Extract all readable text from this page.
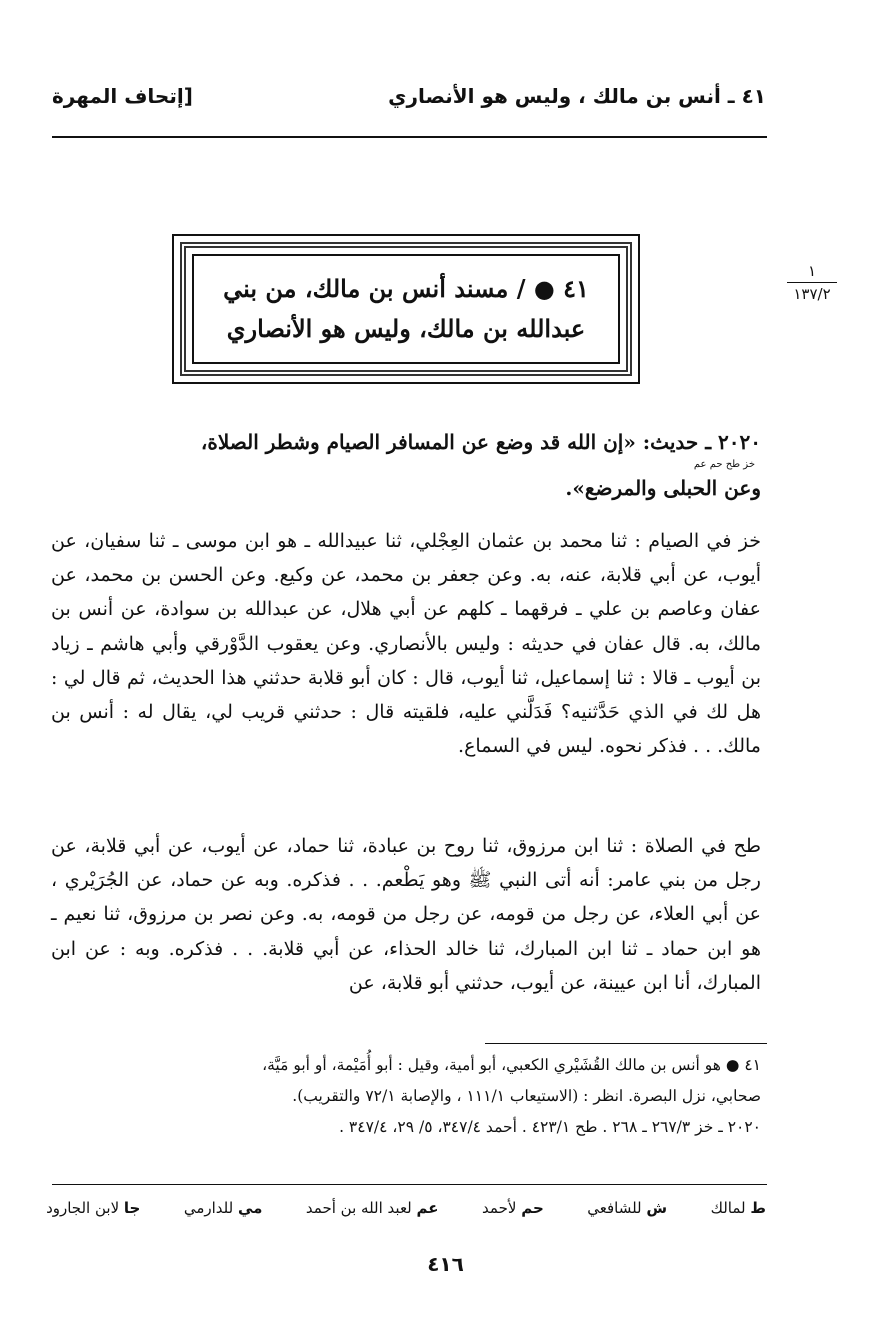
٤١ ـ أنس بن مالك ، وليس هو الأنصاري
[إتحاف المهرة
٤١ ● / مسند أنس بن مالك، من بني
عبدالله بن مالك، وليس هو الأنصاري
١
١٣٧/٢
٢٠٢٠ ـ حديث: «إن الله قد وضع عن المسافر الصيام وشطر الصلاة،
خز طح حم عم
وعن الحبلى والمرضع».

خز في الصيام : ثنا محمد بن عثمان العِجْلي، ثنا عبيدالله ـ هو ابن موسى ـ ثنا سفيان، عن أيوب، عن أبي قلابة، عنه، به. وعن جعفر بن محمد، عن وكيع. وعن الحسن بن محمد، عن عفان وعاصم بن علي ـ فرقهما ـ كلهم عن أبي هلال، عن عبدالله بن سوادة، عن أنس بن مالك، به. قال عفان في حديثه : وليس بالأنصاري. وعن يعقوب الدَّوْرقي وأبي هاشم ـ زياد بن أيوب ـ قالا : ثنا إسماعيل، ثنا أيوب، قال : كان أبو قلابة حدثني هذا الحديث، ثم قال لي : هل لك في الذي حَدَّثنيه؟ فَدَلَّني عليه، فلقيته قال : حدثني قريب لي، يقال له : أنس بن مالك. . . فذكر نحوه. ليس في السماع.

طح في الصلاة : ثنا ابن مرزوق، ثنا روح بن عبادة، ثنا حماد، عن أيوب، عن أبي قلابة، عن رجل من بني عامر: أنه أتى النبي ﷺ وهو يَطْعم. . . فذكره. وبه عن حماد، عن الجُرَيْري ، عن أبي العلاء، عن رجل من قومه، عن رجل من قومه، به. وعن نصر بن مرزوق، ثنا نعيم ـ هو ابن حماد ـ ثنا ابن المبارك، ثنا خالد الحذاء، عن أبي قلابة. . . فذكره. وبه : عن ابن المبارك، أنا ابن عيينة، عن أيوب، حدثني أبو قلابة، عن

٤١ ● هو أنس بن مالك القُشَيْري الكعبي، أبو أمية، وقيل : أبو أُمَيْمة، أو أبو مَيَّة،

صحابي، نزل البصرة. انظر : (الاستيعاب ١١١/١ ، والإصابة ٧٢/١ والتقريب).

٢٠٢٠ ـ خز ٢٦٧/٣ ـ ٢٦٨ . طح ٤٢٣/١ . أحمد ٣٤٧/٤، ٥/ ٢٩، ٣٤٧/٤ .

ط لمالك
ش للشافعي
حم لأحمد
عم لعبد الله بن أحمد
مي للدارمي
جا لابن الجارود
٤١٦
